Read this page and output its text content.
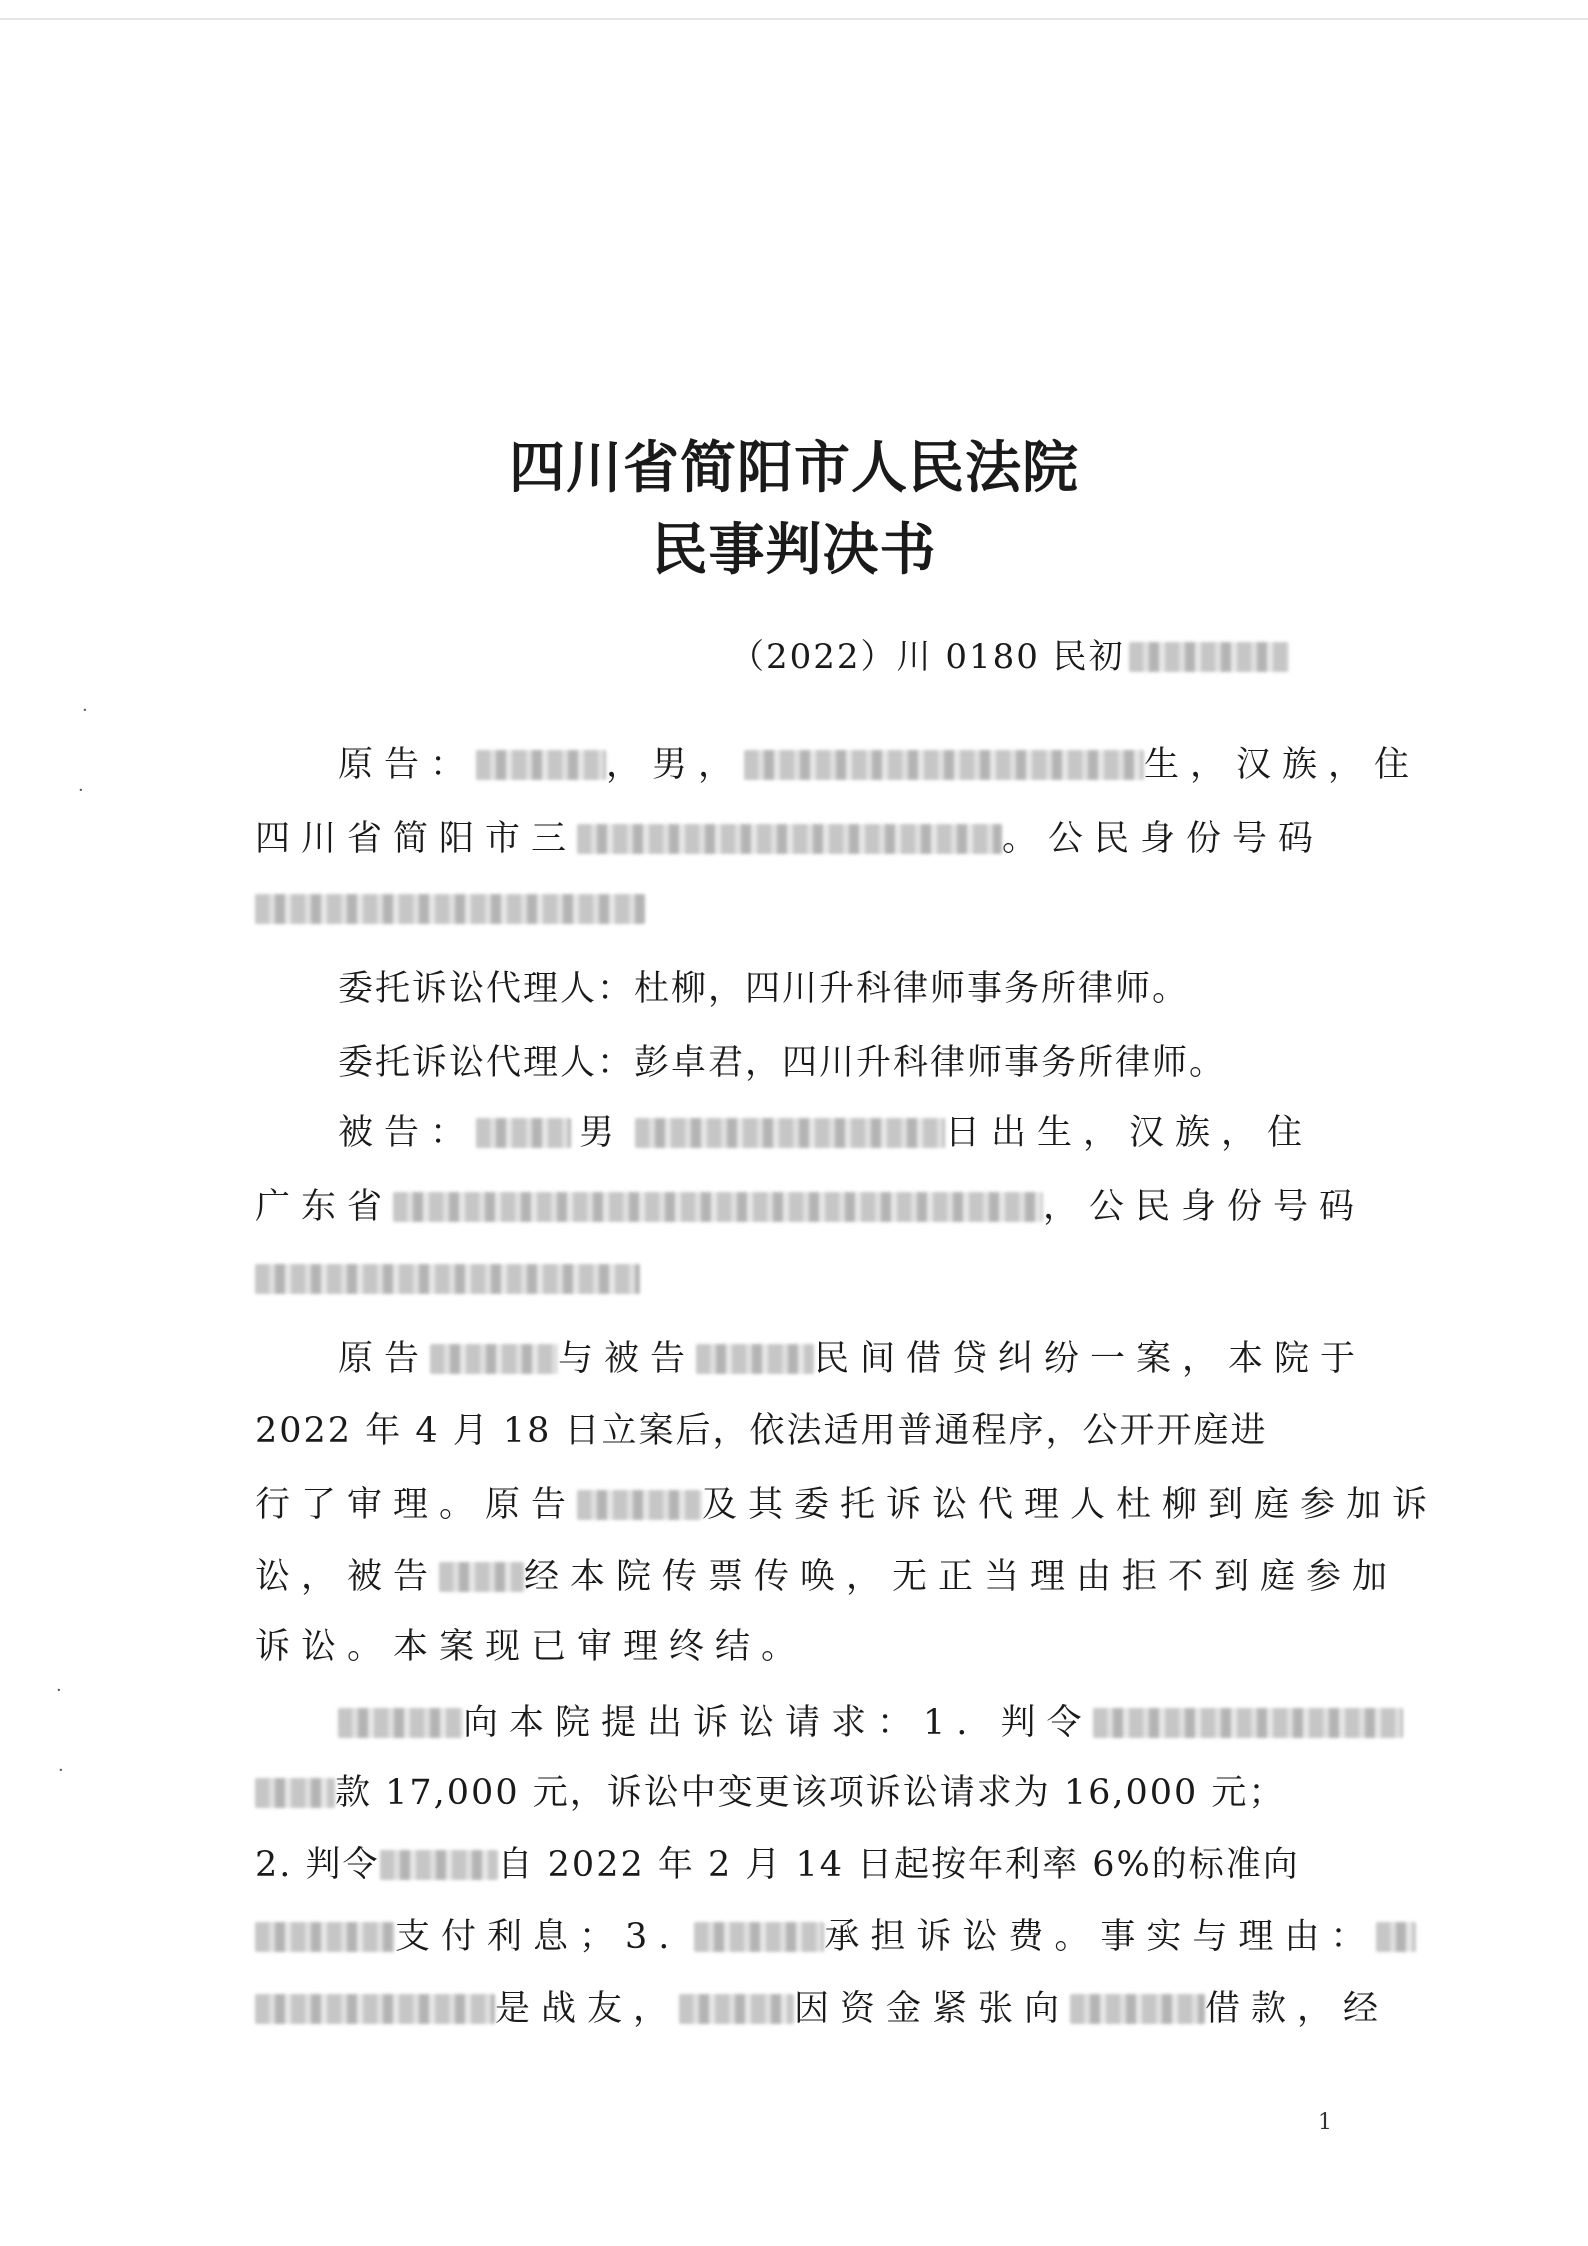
四川省简阳市人民法院
民事判决书
（2022）川 0180 民初
原告：	，男，	生，汉族，住
四川省简阳市三	。公民身份号码
委托诉讼代理人：杜柳，四川升科律师事务所律师。
委托诉讼代理人：彭卓君，四川升科律师事务所律师。
被告：	男	日出生，汉族，住
广东省	，公民身份号码
原告	与被告	民间借贷纠纷一案，本院于
2022 年 4 月 18 日立案后，依法适用普通程序，公开开庭进
行了审理。原告	及其委托诉讼代理人杜柳到庭参加诉
讼，被告 经本院传票传唤，无正当理由拒不到庭参加
诉讼。本案现已审理终结。
向本院提出诉讼请求：1. 判令
款 17,000 元，诉讼中变更该项诉讼请求为 16,000 元；
2. 判令	自 2022 年 2 月 14 日起按年利率 6%的标准向
支付利息；3.	承担诉讼费。事实与理由：
是战友，	因资金紧张向	借款，经
·
·
·
·
1
